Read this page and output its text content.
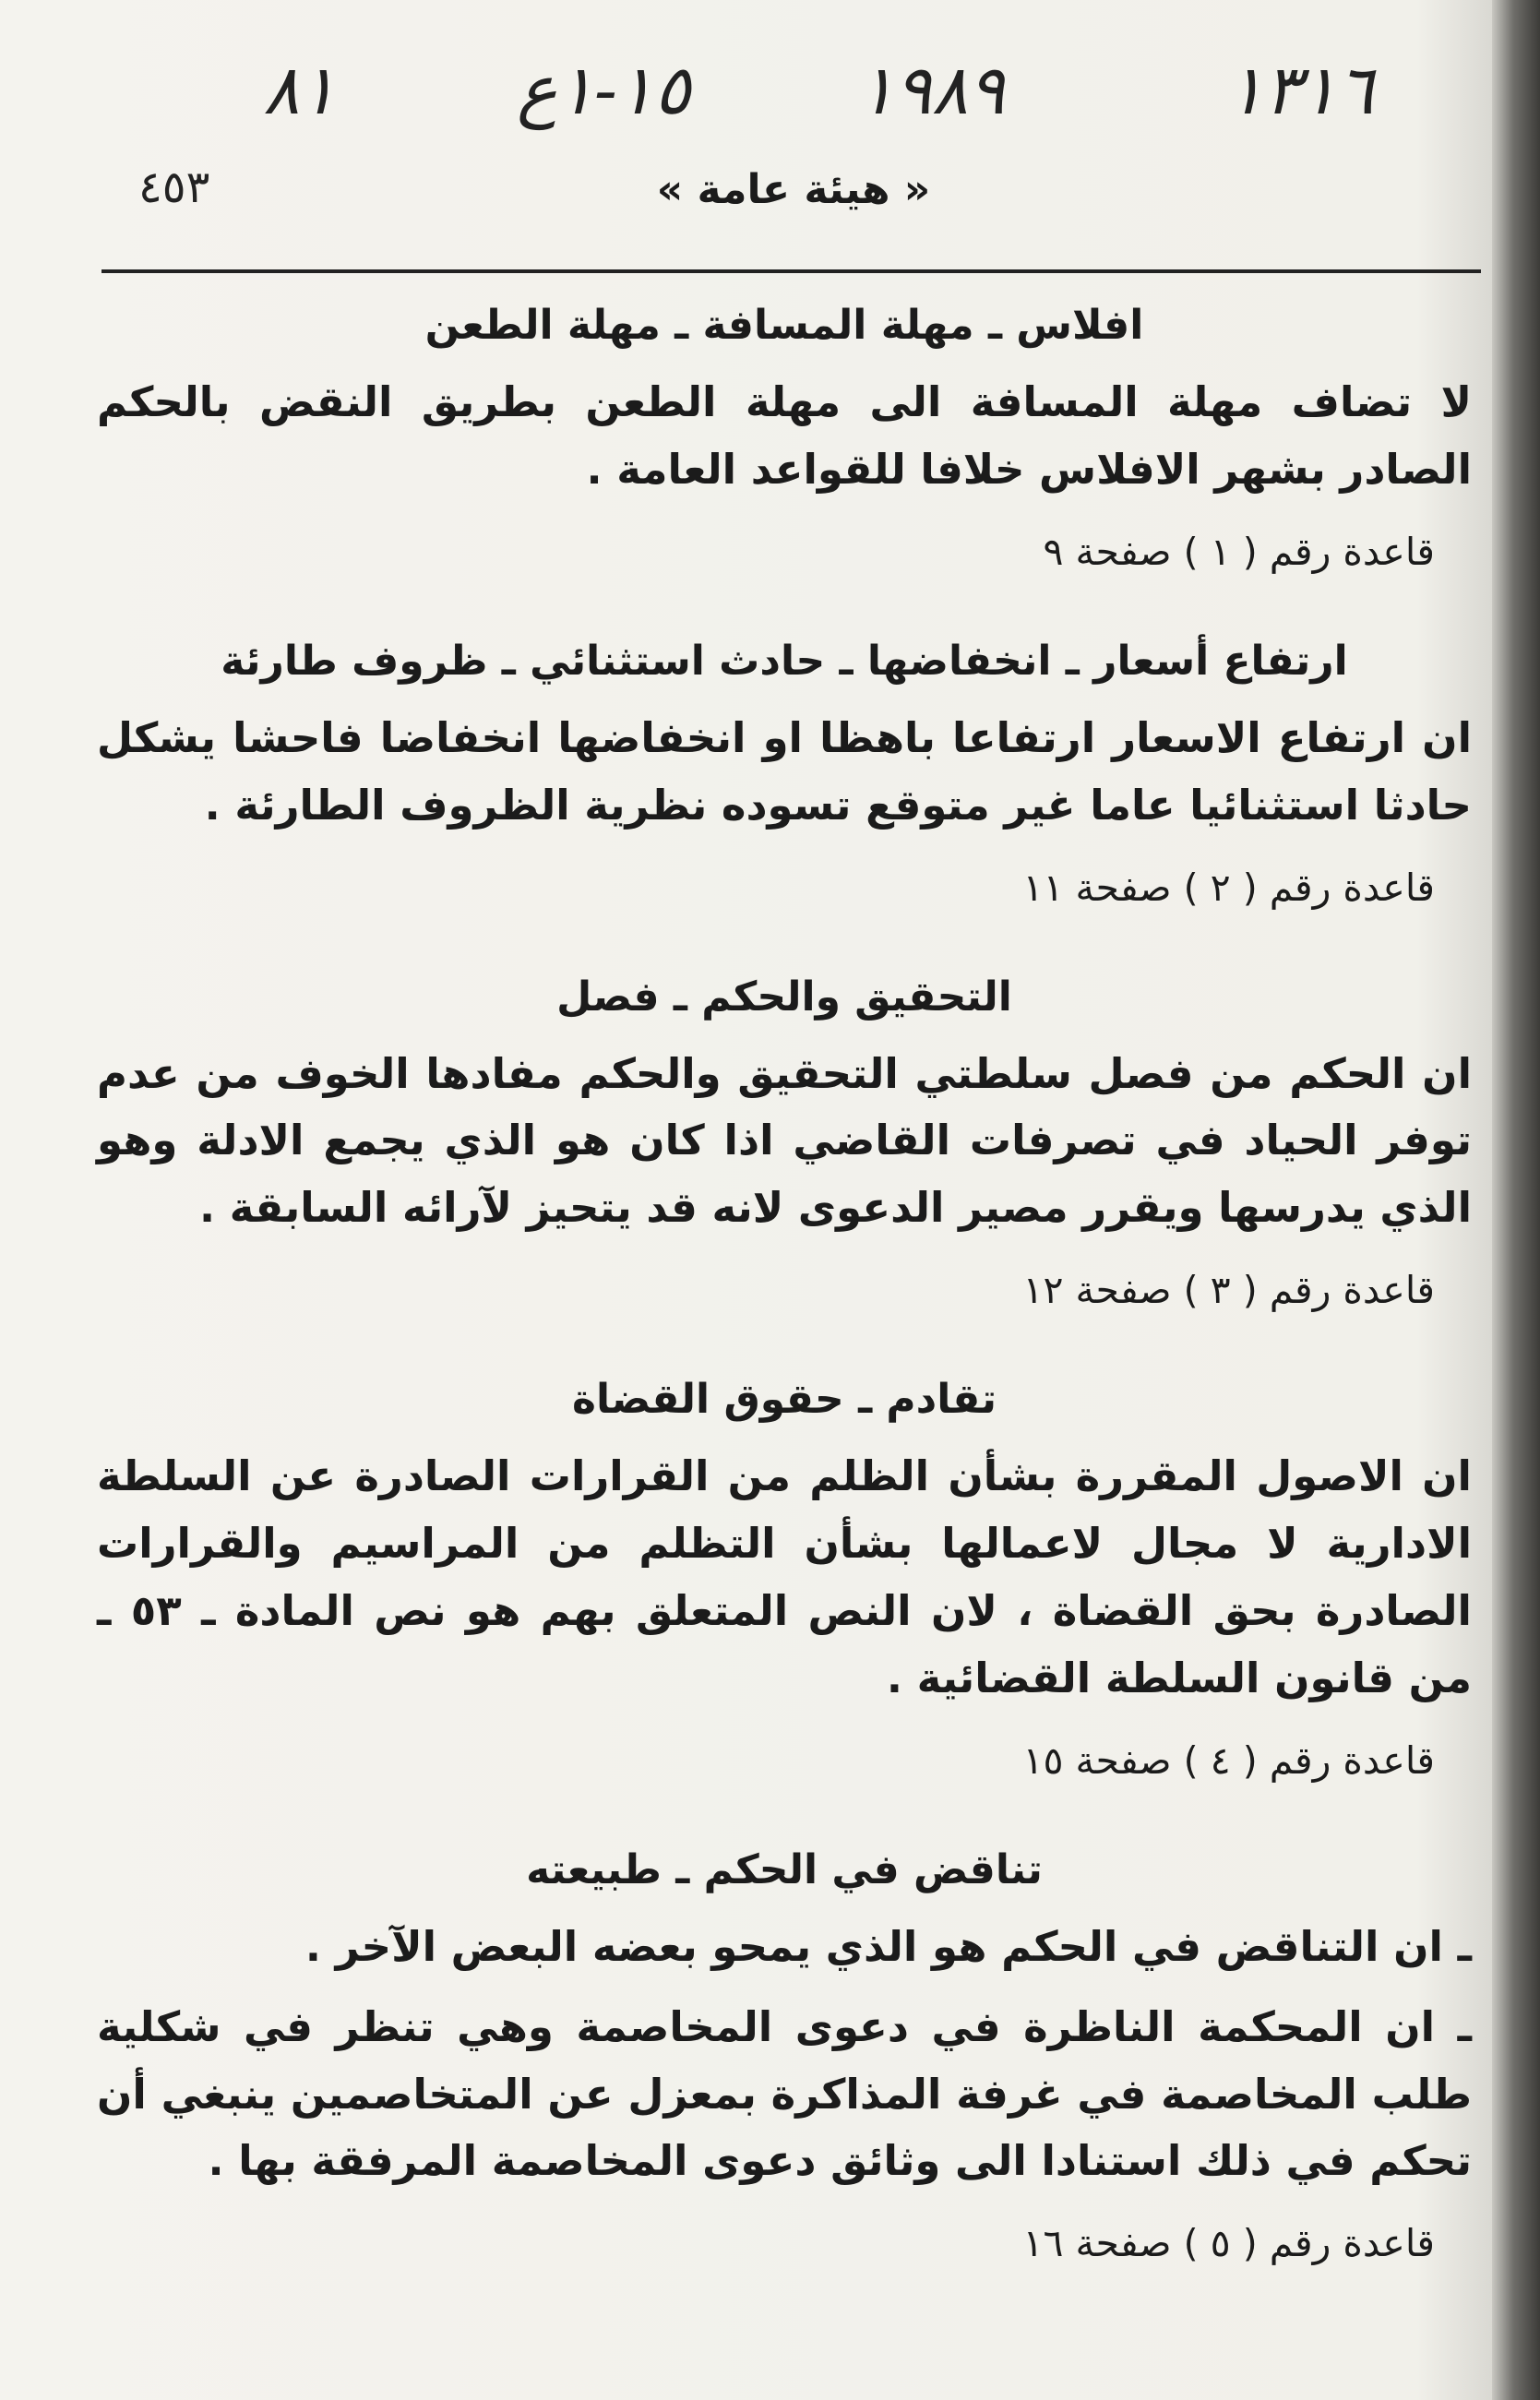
٨١	١٥-١ع ١٩٨٩	١٣١٦
٤٥٣	« هيئة عامة »
افلاس ـ مهلة المسافة ـ مهلة الطعن

لا تضاف مهلة المسافة الى مهلة الطعن بطريق النقض بالحكم الصادر بشهر الافلاس خلافا للقواعد العامة .

قاعدة رقم ( ١ ) صفحة ٩
ارتفاع أسعار ـ انخفاضها ـ حادث استثنائي ـ ظروف طارئة

ان ارتفاع الاسعار ارتفاعا باهظا او انخفاضها انخفاضا فاحشا يشكل حادثا استثنائيا عاما غير متوقع تسوده نظرية الظروف الطارئة .

قاعدة رقم ( ٢ ) صفحة ١١
التحقيق والحكم ـ فصل

ان الحكم من فصل سلطتي التحقيق والحكم مفادها الخوف من عدم توفر الحياد في تصرفات القاضي اذا كان هو الذي يجمع الادلة وهو الذي يدرسها ويقرر مصير الدعوى لانه قد يتحيز لآرائه السابقة .

قاعدة رقم ( ٣ ) صفحة ١٢
تقادم ـ حقوق القضاة

ان الاصول المقررة بشأن الظلم من القرارات الصادرة عن السلطة الادارية لا مجال لاعمالها بشأن التظلم من المراسيم والقرارات الصادرة بحق القضاة ، لان النص المتعلق بهم هو نص المادة ـ ٥٣ ـ من قانون السلطة القضائية .

قاعدة رقم ( ٤ ) صفحة ١٥
تناقض في الحكم ـ طبيعته

ـ ان التناقض في الحكم هو الذي يمحو بعضه البعض الآخر .

ـ ان المحكمة الناظرة في دعوى المخاصمة وهي تنظر في شكلية طلب المخاصمة في غرفة المذاكرة بمعزل عن المتخاصمين ينبغي أن تحكم في ذلك استنادا الى وثائق دعوى المخاصمة المرفقة بها .

قاعدة رقم ( ٥ ) صفحة ١٦
